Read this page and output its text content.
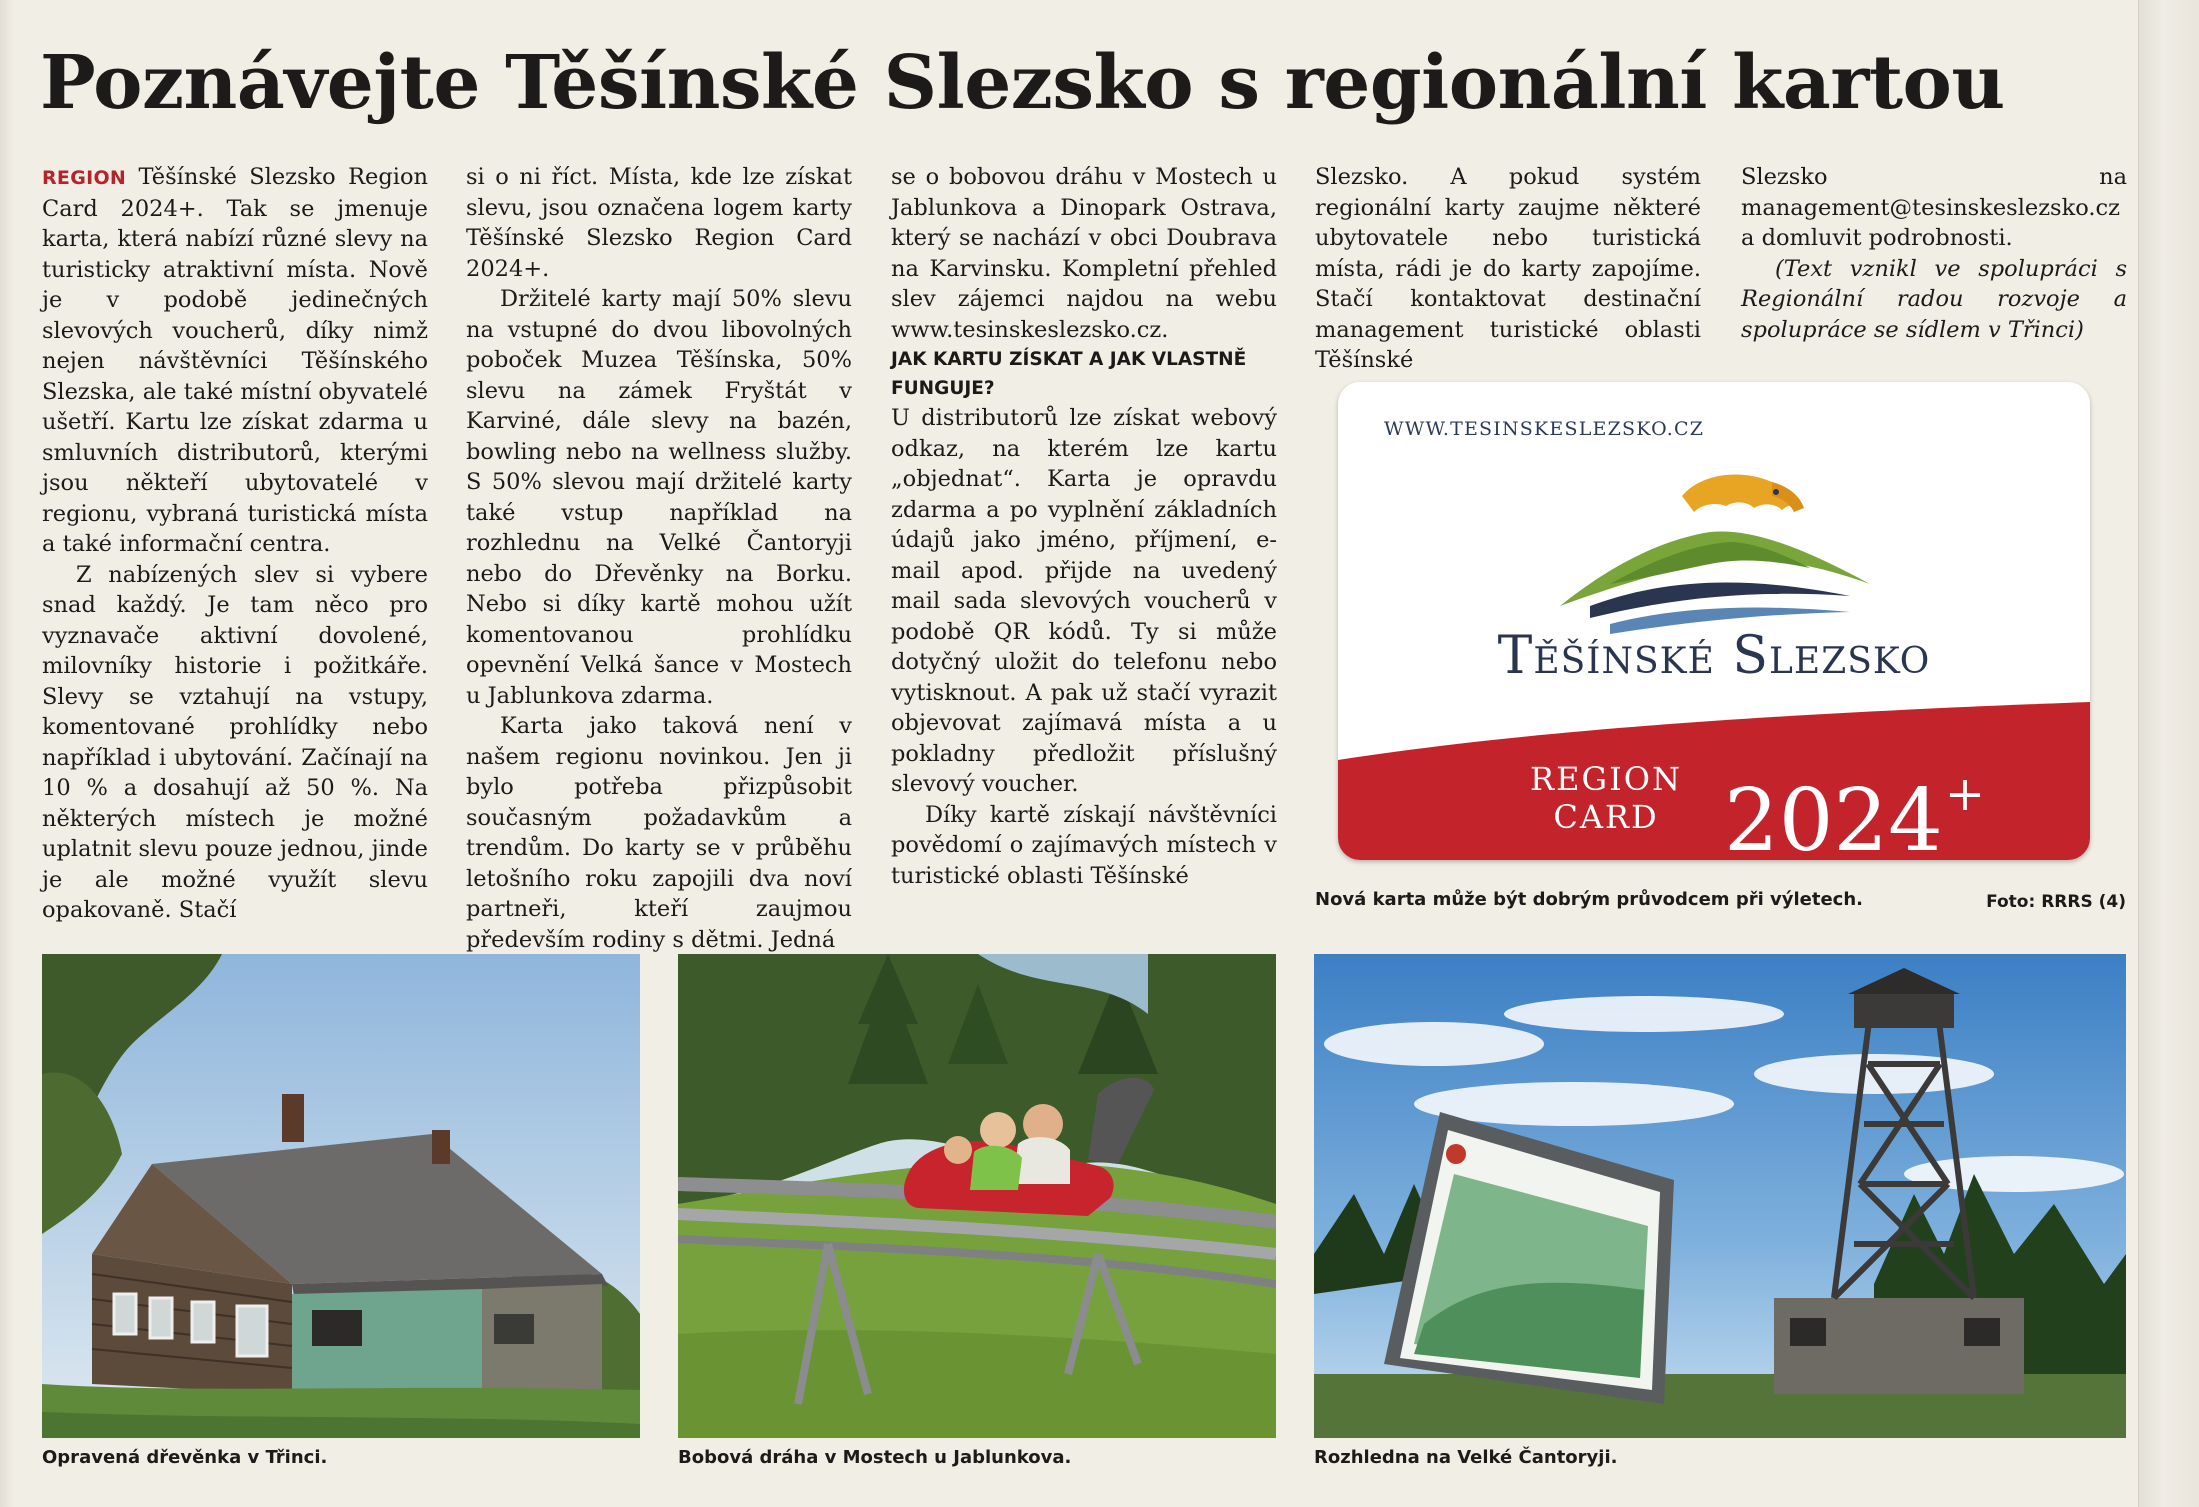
Poznávejte Těšínské Slezsko s regionální kartou

REGION Těšínské Slezsko Region Card 2024+. Tak se jmenuje karta, která nabízí různé slevy na turisticky atraktivní místa. Nově je v podobě jedinečných slevových voucherů, díky nimž nejen návštěvníci Těšínského Slezska, ale také místní obyvatelé ušetří. Kartu lze získat zdarma u smluvních distributorů, kterými jsou někteří ubytovatelé v regionu, vybraná turistická místa a také informační centra.

Z nabízených slev si vybere snad každý. Je tam něco pro vyznavače aktivní dovolené, milovníky historie i požitkáře. Slevy se vztahují na vstupy, komentované prohlídky nebo například i ubytování. Začínají na 10 % a dosahují až 50 %. Na některých místech je možné uplatnit slevu pouze jednou, jinde je ale možné využít slevu opakovaně. Stačí

si o ni říct. Místa, kde lze získat slevu, jsou označena logem karty Těšínské Slezsko Region Card 2024+.

Držitelé karty mají 50% slevu na vstupné do dvou libovolných poboček Muzea Těšínska, 50% slevu na zámek Fryštát v Karviné, dále slevy na bazén, bowling nebo na wellness služby. S 50% slevou mají držitelé karty také vstup například na rozhlednu na Velké Čantoryji nebo do Dřevěnky na Borku. Nebo si díky kartě mohou užít komentovanou prohlídku opevnění Velká šance v Mostech u Jablunkova zdarma.

Karta jako taková není v našem regionu novinkou. Jen ji bylo potřeba přizpůsobit současným požadavkům a trendům. Do karty se v průběhu letošního roku zapojili dva noví partneři, kteří zaujmou především rodiny s dětmi. Jedná

se o bobovou dráhu v Mostech u Jablunkova a Dinopark Ostrava, který se nachází v obci Doubrava na Karvinsku. Kompletní přehled slev zájemci najdou na webu www.tesinskeslezsko.cz.

JAK KARTU ZÍSKAT A JAK VLASTNĚ FUNGUJE?

U distributorů lze získat webový odkaz, na kterém lze kartu „objednat“. Karta je opravdu zdarma a po vyplnění základních údajů jako jméno, příjmení, e-mail apod. přijde na uvedený mail sada slevových voucherů v podobě QR kódů. Ty si může dotyčný uložit do telefonu nebo vytisknout. A pak už stačí vyrazit objevovat zajímavá místa a u pokladny předložit příslušný slevový voucher.

Díky kartě získají návštěvníci povědomí o zajímavých místech v turistické oblasti Těšínské

Slezsko. A pokud systém regionální karty zaujme některé ubytovatele nebo turistická místa, rádi je do karty zapojíme. Stačí kontaktovat destinační management turistické oblasti Těšínské

Slezsko na management@tesinskeslezsko.cz a domluvit podrobnosti.

(Text vznikl ve spolupráci s Regionální radou rozvoje a spolupráce se sídlem v Třinci)

WWW.TESINSKESLEZSKO.CZ
Těšínské Slezsko
REGION
CARD 2024+
Nová karta může být dobrým průvodcem při výletech.	Foto: RRRS (4)
Opravená dřevěnka v Třinci.	Bobová dráha v Mostech u Jablunkova.	Rozhledna na Velké Čantoryji.
